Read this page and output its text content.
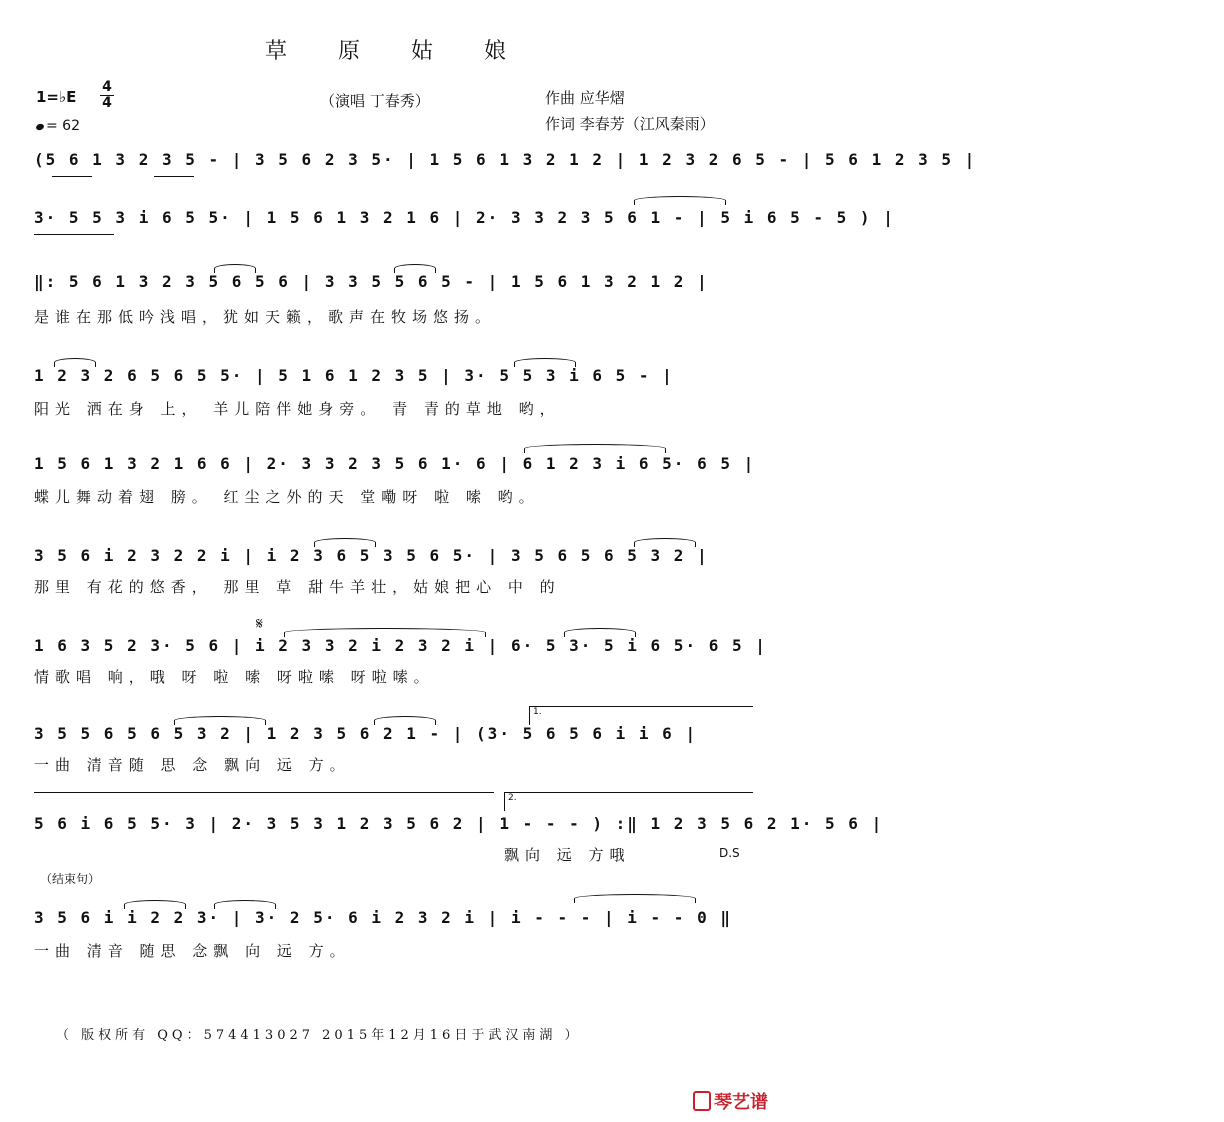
草 原 姑 娘
1=♭E
4
4
= 62
（演唱 丁春秀）	作曲 应华熠
作词 李春芳（江风秦雨）
(5 6 1 3 2 3 5 - | 3 5 6 2 3 5· | 1 5 6 1 3 2 1 2 | 1 2 3 2 6 5 - | 5 6 1 2 3 5 |
3· 5 5 3 i 6 5 5· | 1 5 6 1 3 2 1 6 | 2· 3 3 2 3 5 6 1 - | 5 i 6 5 - 5 ) |
‖: 5 6 1 3 2 3 5 6 5 6 | 3 3 5 5 6 5 - | 1 5 6 1 3 2 1 2 |
是谁在那低吟浅唱，犹如天籁，歌声在牧场悠扬。
1 2 3 2 6 5 6 5 5· | 5 1 6 1 2 3 5 | 3· 5 5 3 i 6 5 - |
阳光 洒在身 上， 羊儿陪伴她身旁。 青 青的草地 哟，
1 5 6 1 3 2 1 6 6 | 2· 3 3 2 3 5 6 1· 6 | 6 1 2 3 i 6 5· 6 5 |
蝶儿舞动着翅 膀。 红尘之外的天 堂嘞呀 啦 嗦 哟。
3 5 6 i 2 3 2 2 i | i 2 3 6 5 3 5 6 5· | 3 5 6 5 6 5 3 2 |
那里 有花的悠香， 那里 草 甜牛羊壮，姑娘把心 中 的
𝄋
1 6 3 5 2 3· 5 6 | i 2 3 3 2 i 2 3 2 i | 6· 5 3· 5 i 6 5· 6 5 |
情歌唱 响，哦 呀 啦 嗦 呀啦嗦 呀啦嗦。
1.
3 5 5 6 5 6 5 3 2 | 1 2 3 5 6 2 1 - | (3· 5 6 5 6 i i 6 |
一曲 清音随 思 念 飘向 远 方。
2.
5 6 i 6 5 5· 3 | 2· 3 5 3 1 2 3 5 6 2 | 1 - - - ) :‖ 1 2 3 5 6 2 1· 5 6 |
飘向 远 方哦	D.S
（结束句）
3 5 6 i i 2 2 3· | 3· 2 5· 6 i 2 3 2 i | i - - - | i - - 0 ‖
一曲 清音 随思 念飘 向 远 方。
（ 版权所有 QQ：574413027 2015年12月16日于武汉南湖 ）
琴艺谱
